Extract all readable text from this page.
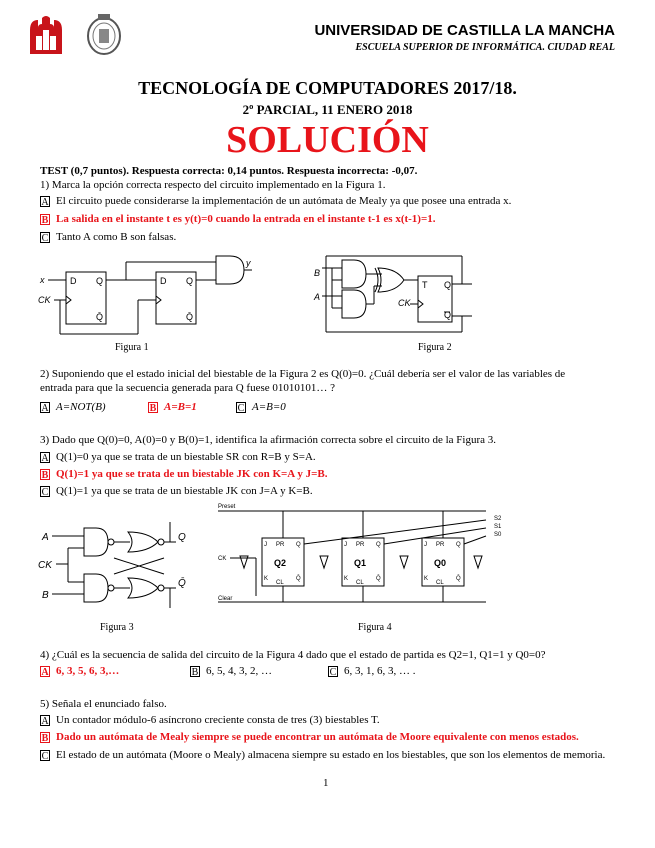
UNIVERSIDAD DE CASTILLA LA MANCHA
ESCUELA SUPERIOR DE INFORMÁTICA. CIUDAD REAL
TECNOLOGÍA DE COMPUTADORES 2017/18.
2º PARCIAL, 11 ENERO 2018
SOLUCIÓN
TEST (0,7 puntos). Respuesta correcta: 0,14 puntos. Respuesta incorrecta: -0,07.
1) Marca la opción correcta respecto del circuito implementado en la Figura 1.
A El circuito puede considerarse la implementación de un autómata de Mealy ya que posee una entrada x.
B La salida en el instante t es y(t)=0 cuando la entrada en el instante t-1 es x(t-1)=1.
C Tanto A como B son falsas.
D Q
Q̄
D Q
Q̄
x
CK
y
Figura 1
B
A
T Q
Q
CK
Figura 2
2) Suponiendo que el estado inicial del biestable de la Figura 2 es Q(0)=0. ¿Cuál debería ser el valor de las variables de
entrada para que la secuencia generada para Q fuese 01010101… ?
A A=NOT(B)	B A=B=1	C A=B=0
3) Dado que Q(0)=0, A(0)=0 y B(0)=1, identifica la afirmación correcta sobre el circuito de la Figura 3.
A Q(1)=0 ya que se trata de un biestable SR con R=B y S=A.
B Q(1)=1 ya que se trata de un biestable JK con K=A y J=B.
C Q(1)=1 ya que se trata de un biestable JK con J=A y K=B.
A
CK
B
Q
Q̄
Figura 3
Preset
CK
Clear
J PR Q
Q2
K
CL
Q̄
J PR Q
Q1
K
CL
Q̄
J PR Q
Q0
K
CL
Q̄
S2
S1
S0
Figura 4
4) ¿Cuál es la secuencia de salida del circuito de la Figura 4 dado que el estado de partida es Q2=1, Q1=1 y Q0=0?
A 6, 3, 5, 6, 3,…	B 6, 5, 4, 3, 2, …	C 6, 3, 1, 6, 3, … .
5) Señala el enunciado falso.
A Un contador módulo-6 asíncrono creciente consta de tres (3) biestables T.
B Dado un autómata de Mealy siempre se puede encontrar un autómata de Moore equivalente con menos estados.
C El estado de un autómata (Moore o Mealy) almacena siempre su estado en los biestables, que son los elementos de memoria.
1
